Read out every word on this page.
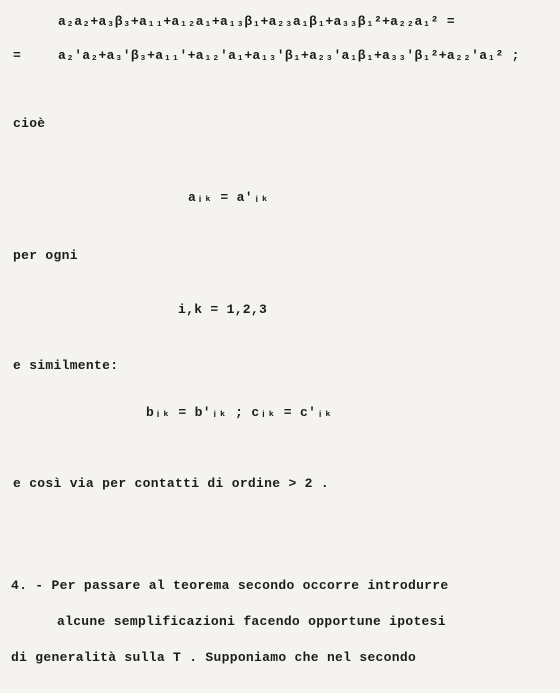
a₂a₂+a₃β₃+a₁₁+a₁₂a₁+a₁₃β₁+a₂₃a₁β₁+a₃₃β₁²+a₂₂a₁² =
=	a₂'a₂+a₃'β₃+a₁₁'+a₁₂'a₁+a₁₃'β₁+a₂₃'a₁β₁+a₃₃'β₁²+a₂₂'a₁² ;
cioè
aᵢₖ = a'ᵢₖ
per ogni
i,k = 1,2,3
e similmente:
bᵢₖ = b'ᵢₖ ; cᵢₖ = c'ᵢₖ
e così via per contatti di ordine > 2 .
4. - Per passare al teorema secondo occorre introdurre
alcune semplificazioni facendo opportune ipotesi
di generalità sulla T . Supponiamo che nel secondo
